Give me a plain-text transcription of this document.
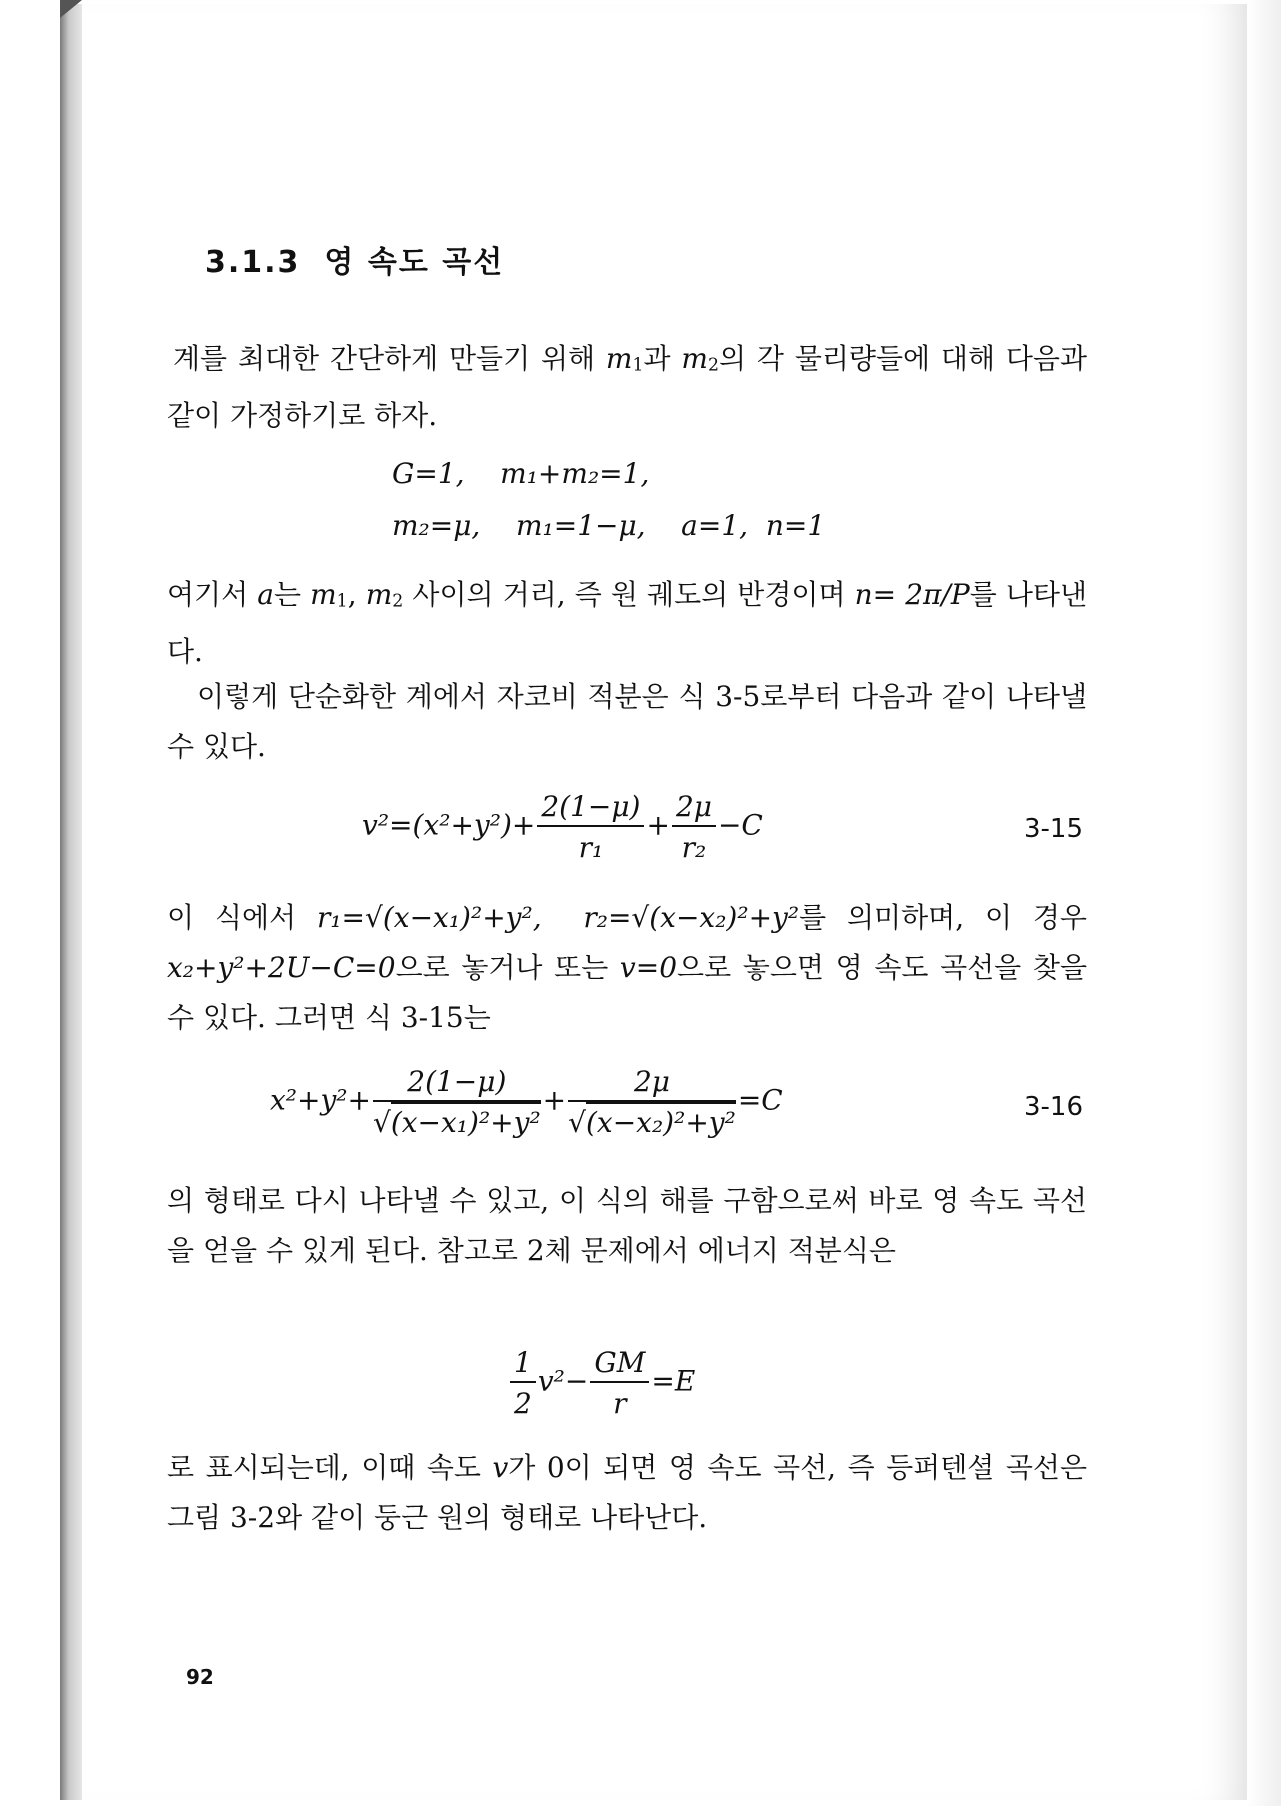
3.1.3 영 속도 곡선
계를 최대한 간단하게 만들기 위해 $m_1$과 $m_2$의 각 물리량들에 대해 다음과 같이 가정하기로 하자.
G=1, m₁+m₂=1,
m₂=μ, m₁=1−μ, a=1, n=1
여기서 a는 $m_1$, $m_2$ 사이의 거리, 즉 원 궤도의 반경이며 n= 2π/P를 나타낸다.
이렇게 단순화한 계에서 자코비 적분은 식 3-5로부터 다음과 같이 나타낼 수 있다.
$v^2=(x^2+y^2)+ \frac{2(1-\mu)}{\text{r₁}} + \frac{2\mu}{\text{r₂}} -C$	3-15
이 식에서 r₁=√(x−x₁)²+y², r₂=√(x−x₂)²+y²를 의미하며, 이 경우 x₂+y²+2U−C=0으로 놓거나 또는 v=0으로 놓으면 영 속도 곡선을 찾을 수 있다. 그러면 식 3-15는
$x^2+y^2+ \frac{2(1-\mu)}{\text{√(x−x₁)²+y²}} + \frac{2\mu}{\text{√(x−x₂)²+y²}} =C$	3-16
의 형태로 다시 나타낼 수 있고, 이 식의 해를 구함으로써 바로 영 속도 곡선을 얻을 수 있게 된다. 참고로 2체 문제에서 에너지 적분식은
$\frac{1}{2} v^2- \frac{GM}{r} =E$
로 표시되는데, 이때 속도 v가 0이 되면 영 속도 곡선, 즉 등퍼텐셜 곡선은 그림 3-2와 같이 둥근 원의 형태로 나타난다.
92
